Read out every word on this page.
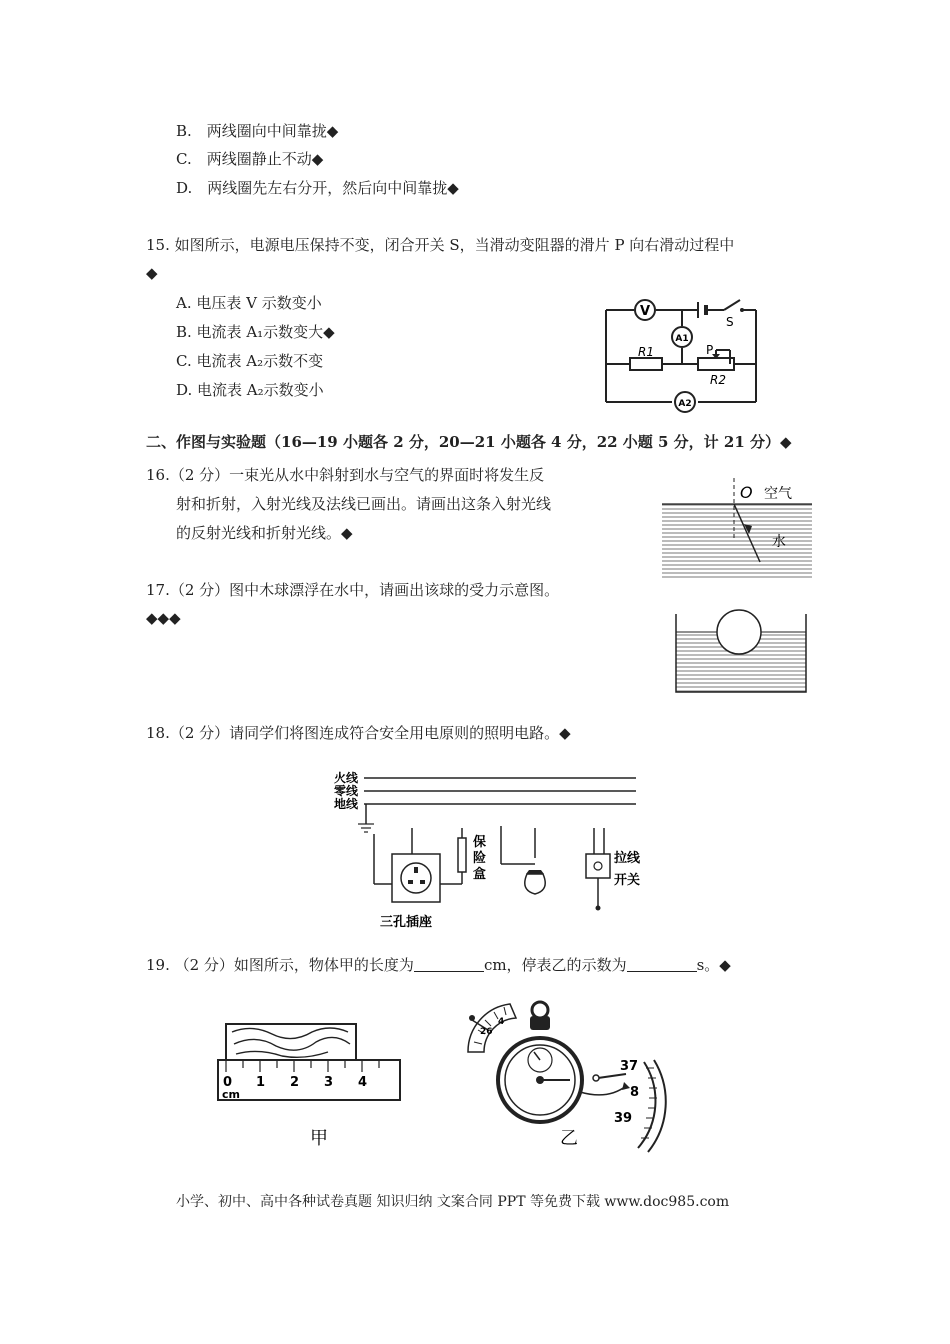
B.　两线圈向中间靠拢◆
C.　两线圈静止不动◆
D.　两线圈先左右分开，然后向中间靠拢◆
15. 如图所示，电源电压保持不变，闭合开关 S，当滑动变阻器的滑片 P 向右滑动过程中
◆
A. 电压表 V 示数变小
B. 电流表 A₁示数变大◆
C. 电流表 A₂示数不变
D. 电流表 A₂示数变小
V
A1
A2
S
R1
R2
P
二、作图与实验题（16—19 小题各 2 分，20—21 小题各 4 分，22 小题 5 分，计 21 分）◆
16.（2 分）一束光从水中斜射到水与空气的界面时将发生反
射和折射，入射光线及法线已画出。请画出这条入射光线
的反射光线和折射光线。◆
O 空气
水
17.（2 分）图中木球漂浮在水中，请画出该球的受力示意图。
◆◆◆
18.（2 分）请同学们将图连成符合安全用电原则的照明电路。◆
火线
零线
地线
保
险
盒
三孔插座
拉线
开关
19. （2 分）如图所示，物体甲的长度为	cm，停表乙的示数为	s。◆
0 1 2 3 4
cm
甲
26
4
37
8
39
乙
小学、初中、高中各种试卷真题 知识归纳 文案合同 PPT 等免费下载 www.doc985.com
